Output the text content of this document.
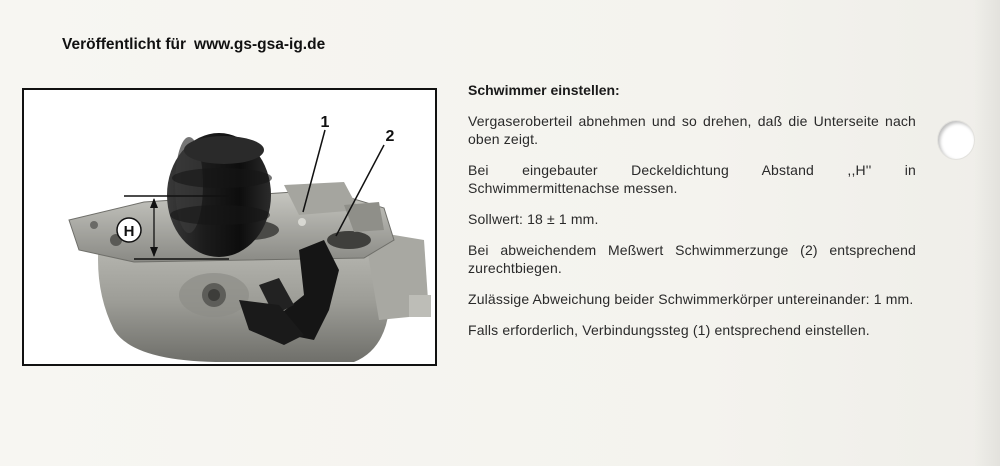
Veröffentlicht für www.gs-gsa-ig.de
H
1
2
Schwimmer einstellen:
Vergaseroberteil abnehmen und so drehen, daß die Unterseite nach oben zeigt.
Bei eingebauter Deckeldichtung Abstand ,,H'' in Schwimmermittenachse messen.
Sollwert: 18 ± 1 mm.
Bei abweichendem Meßwert Schwimmerzunge (2) entsprechend zurechtbiegen.
Zulässige Abweichung beider Schwimmerkörper untereinander: 1 mm.
Falls erforderlich, Verbindungssteg (1) entsprechend einstellen.
